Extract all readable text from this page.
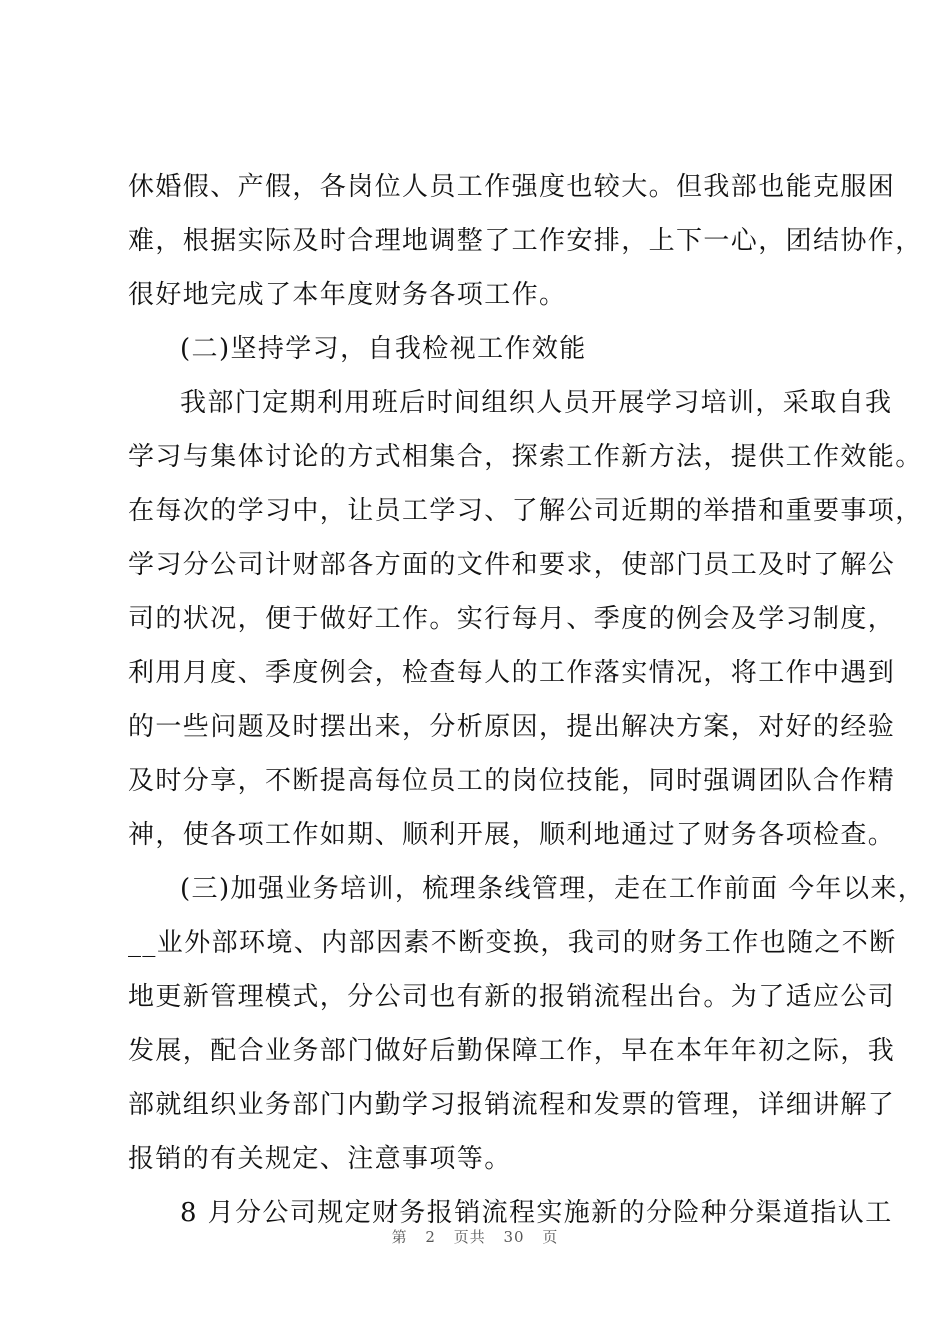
休婚假、产假，各岗位人员工作强度也较大。但我部也能克服困
难，根据实际及时合理地调整了工作安排，上下一心，团结协作，
很好地完成了本年度财务各项工作。
(二)坚持学习，自我检视工作效能
我部门定期利用班后时间组织人员开展学习培训，采取自我
学习与集体讨论的方式相集合，探索工作新方法，提供工作效能。
在每次的学习中，让员工学习、了解公司近期的举措和重要事项，
学习分公司计财部各方面的文件和要求，使部门员工及时了解公
司的状况，便于做好工作。实行每月、季度的例会及学习制度，
利用月度、季度例会，检查每人的工作落实情况，将工作中遇到
的一些问题及时摆出来，分析原因，提出解决方案，对好的经验
及时分享，不断提高每位员工的岗位技能，同时强调团队合作精
神，使各项工作如期、顺利开展，顺利地通过了财务各项检查。
(三)加强业务培训，梳理条线管理，走在工作前面 今年以来，
__业外部环境、内部因素不断变换，我司的财务工作也随之不断
地更新管理模式，分公司也有新的报销流程出台。为了适应公司
发展，配合业务部门做好后勤保障工作，早在本年年初之际，我
部就组织业务部门内勤学习报销流程和发票的管理，详细讲解了
报销的有关规定、注意事项等。
8 月分公司规定财务报销流程实施新的分险种分渠道指认工
第 2 页共 30 页
